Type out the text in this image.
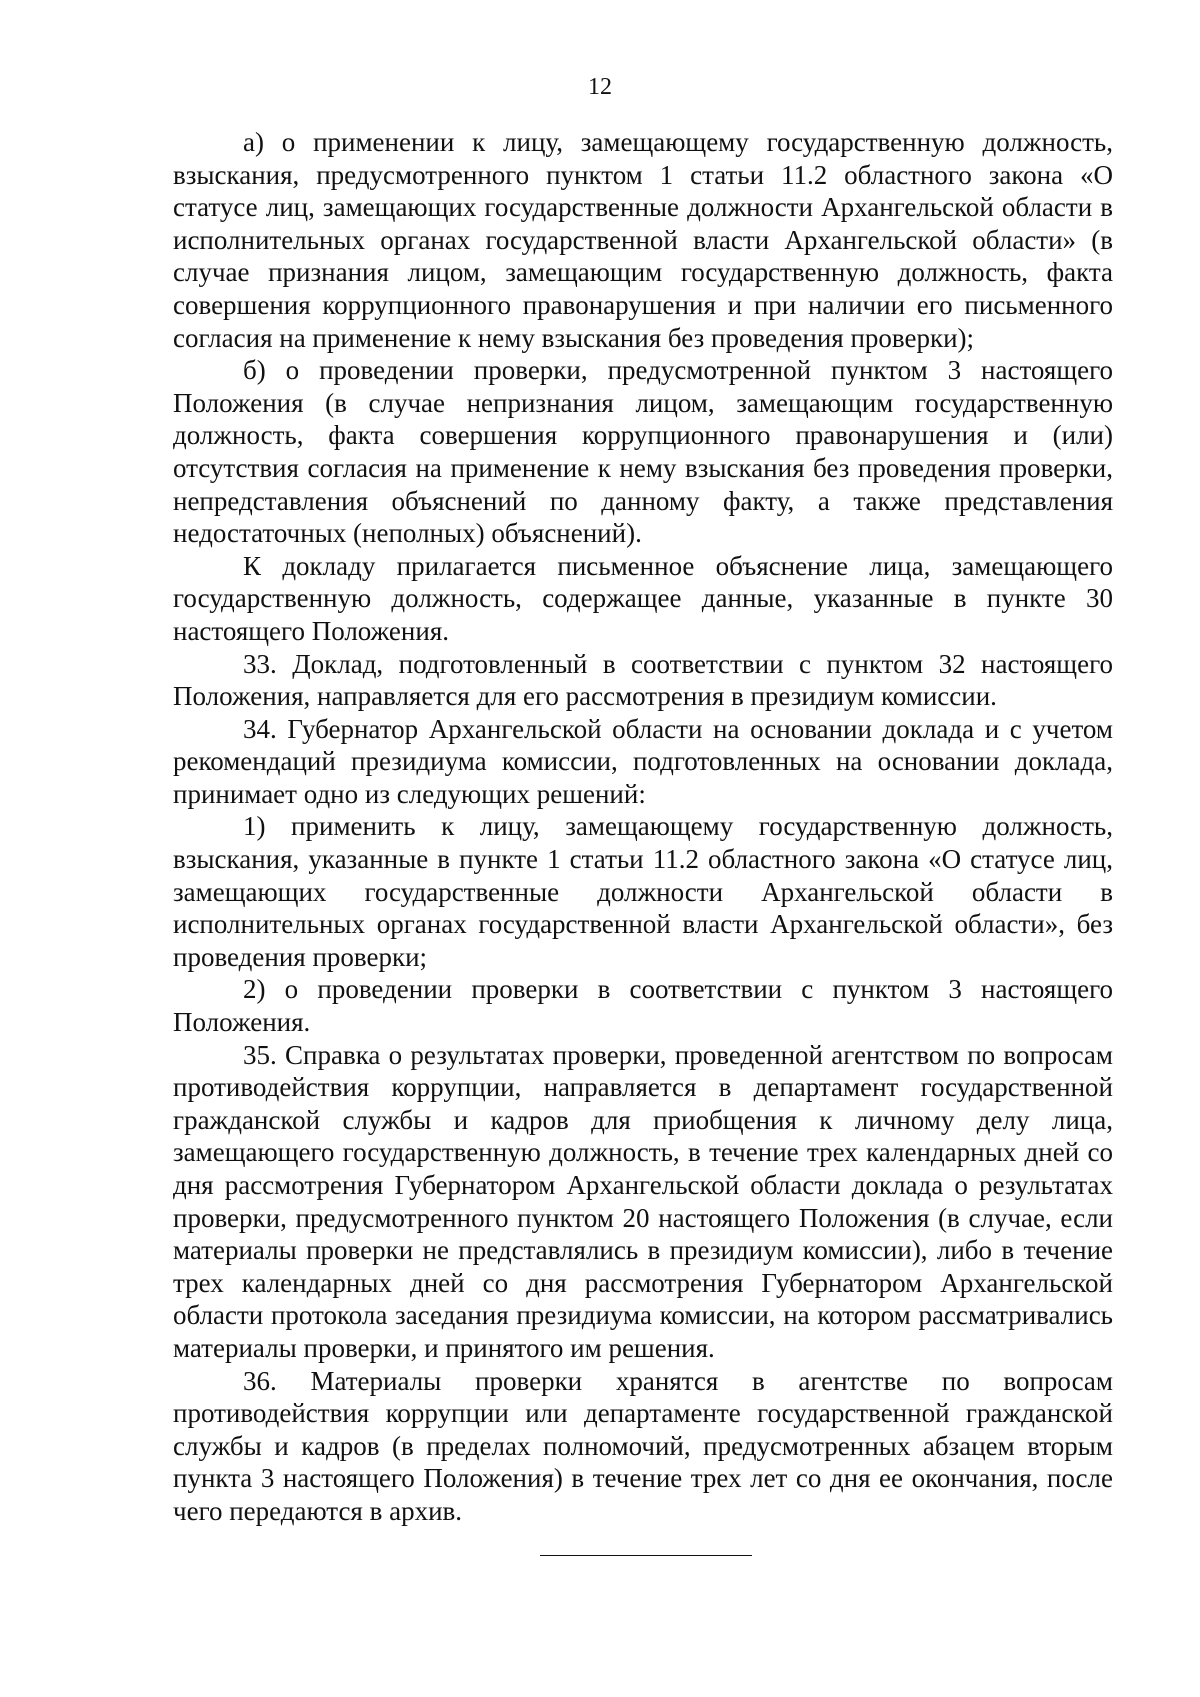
12

а) о применении к лицу, замещающему государственную должность, взыскания, предусмотренного пунктом 1 статьи 11.2 областного закона «О статусе лиц, замещающих государственные должности Архангельской области в исполнительных органах государственной власти Архангельской области» (в случае признания лицом, замещающим государственную должность, факта совершения коррупционного правонарушения и при наличии его письменного согласия на применение к нему взыскания без проведения проверки);

б) о проведении проверки, предусмотренной пунктом 3 настоящего Положения (в случае непризнания лицом, замещающим государственную должность, факта совершения коррупционного правонарушения и (или) отсутствия согласия на применение к нему взыскания без проведения проверки, непредставления объяснений по данному факту, а также представления недостаточных (неполных) объяснений).

К докладу прилагается письменное объяснение лица, замещающего государственную должность, содержащее данные, указанные в пункте 30 настоящего Положения.

33. Доклад, подготовленный в соответствии с пунктом 32 настоящего Положения, направляется для его рассмотрения в президиум комиссии.

34. Губернатор Архангельской области на основании доклада и с учетом рекомендаций президиума комиссии, подготовленных на основании доклада, принимает одно из следующих решений:

1) применить к лицу, замещающему государственную должность, взыскания, указанные в пункте 1 статьи 11.2 областного закона «О статусе лиц, замещающих государственные должности Архангельской области в исполнительных органах государственной власти Архангельской области», без проведения проверки;

2) о проведении проверки в соответствии с пунктом 3 настоящего Положения.

35. Справка о результатах проверки, проведенной агентством по вопросам противодействия коррупции, направляется в департамент государственной гражданской службы и кадров для приобщения к личному делу лица, замещающего государственную должность, в течение трех календарных дней со дня рассмотрения Губернатором Архангельской области доклада о результатах проверки, предусмотренного пунктом 20 настоящего Положения (в случае, если материалы проверки не представлялись в президиум комиссии), либо в течение трех календарных дней со дня рассмотрения Губернатором Архангельской области протокола заседания президиума комиссии, на котором рассматривались материалы проверки, и принятого им решения.

36. Материалы проверки хранятся в агентстве по вопросам противодействия коррупции или департаменте государственной гражданской службы и кадров (в пределах полномочий, предусмотренных абзацем вторым пункта 3 настоящего Положения) в течение трех лет со дня ее окончания, после чего передаются в архив.
